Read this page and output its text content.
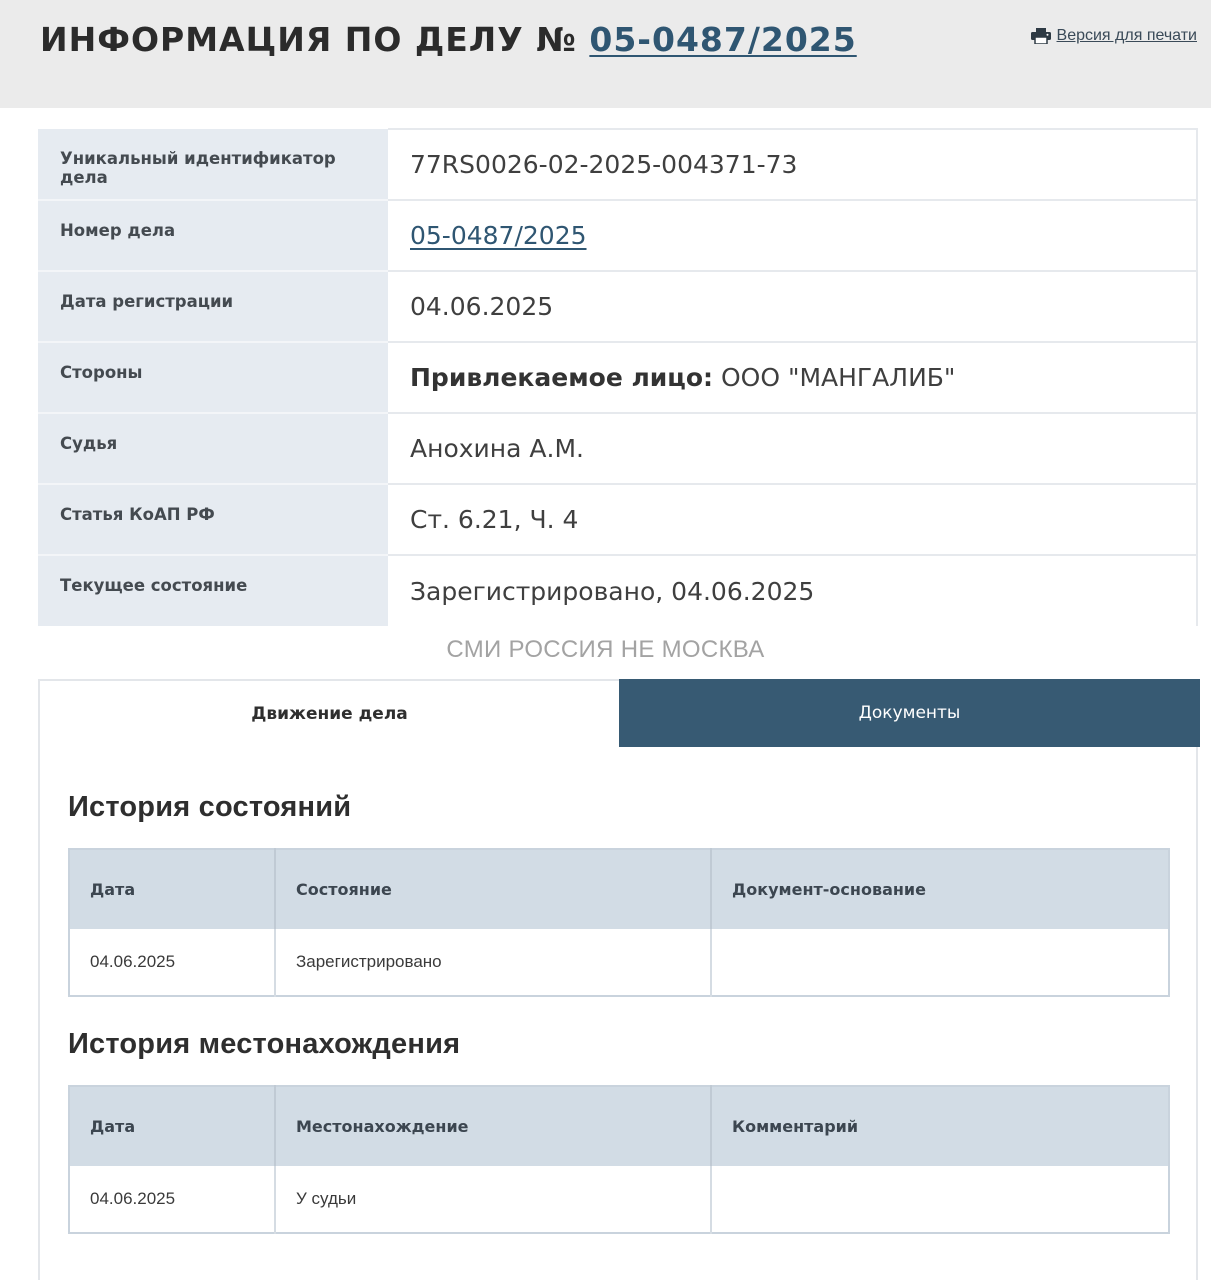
ИНФОРМАЦИЯ ПО ДЕЛУ № 05-0487/2025	Версия для печати
Уникальный идентификатор дела	77RS0026-02-2025-004371-73
Номер дела	05-0487/2025
Дата регистрации	04.06.2025
Стороны	Привлекаемое лицо: ООО "МАНГАЛИБ"
Судья	Анохина А.М.
Статья КоАП РФ	Ст. 6.21, Ч. 4
Текущее состояние	Зарегистрировано, 04.06.2025
СМИ РОССИЯ НЕ МОСКВА
Движение дела	Документы
История состояний
Дата	Состояние	Документ-основание
04.06.2025	Зарегистрировано	
История местонахождения
Дата	Местонахождение	Комментарий
04.06.2025	У судьи	
